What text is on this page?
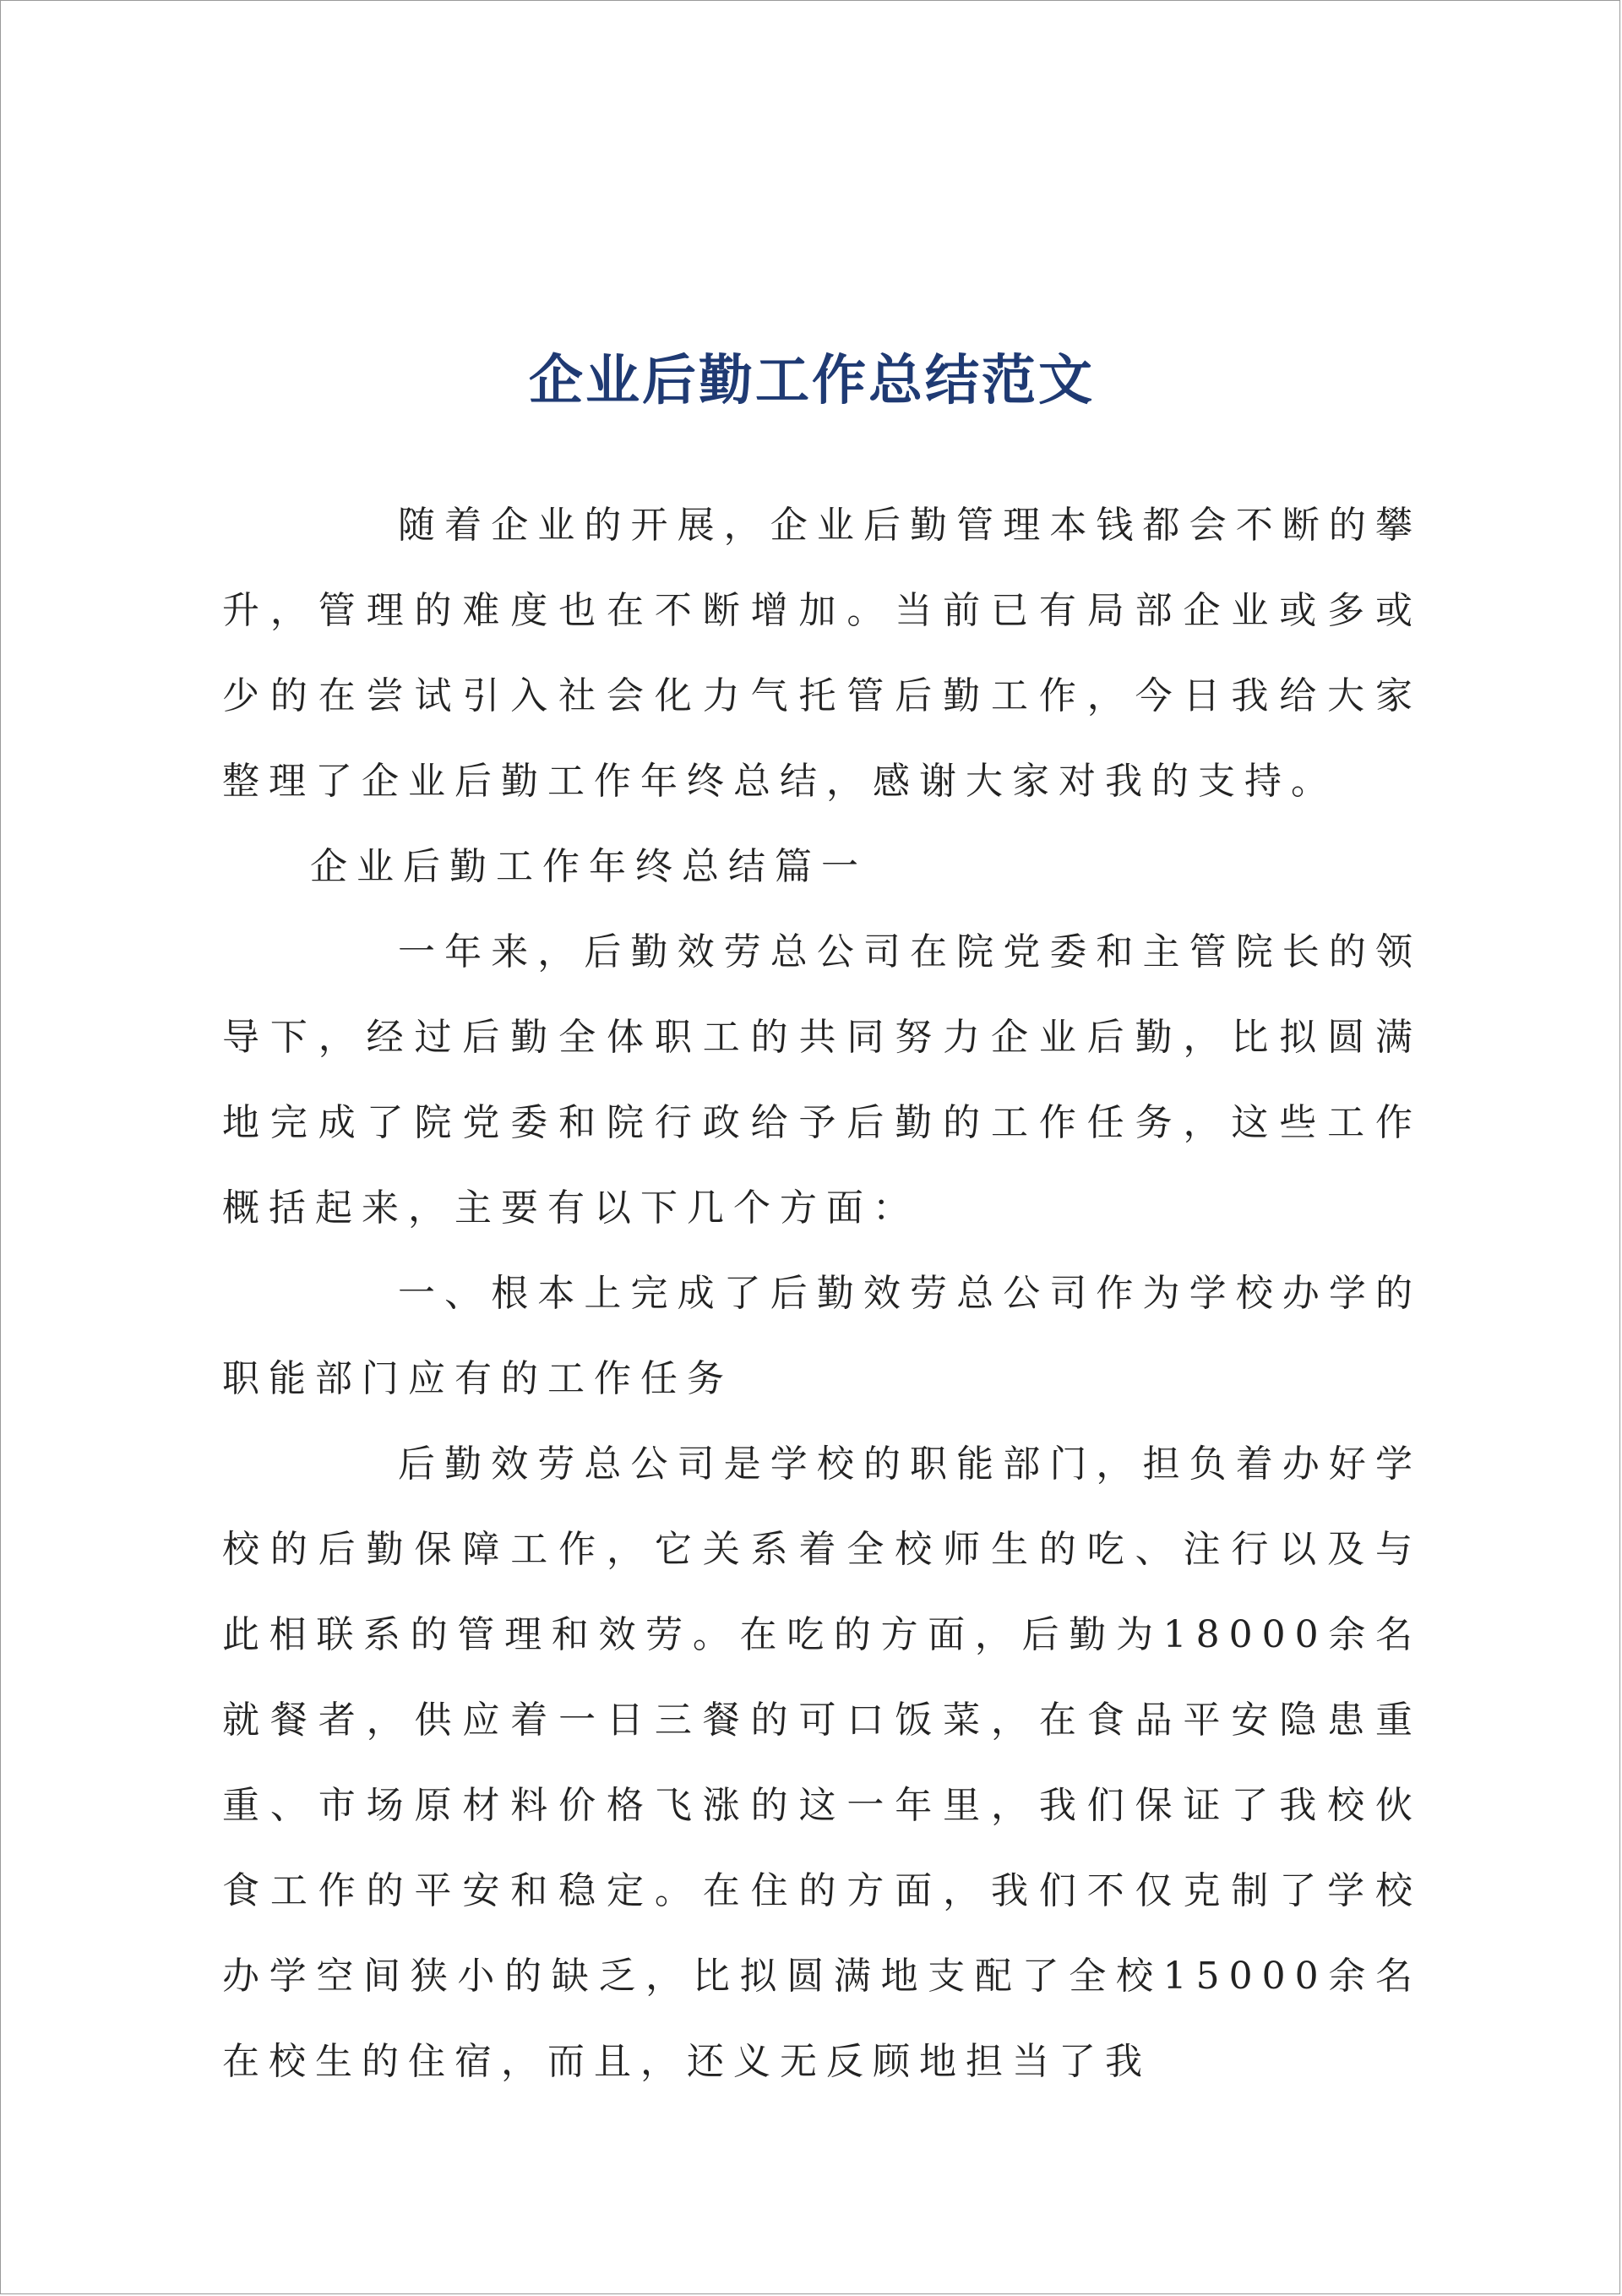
企业后勤工作总结范文

随着企业的开展，企业后勤管理本钱都会不断的攀升，管理的难度也在不断增加。当前已有局部企业或多或少的在尝试引入社会化力气托管后勤工作，今日我给大家整理了企业后勤工作年终总结，感谢大家对我的支持。

企业后勤工作年终总结篇一

一年来，后勤效劳总公司在院党委和主管院长的领导下，经过后勤全体职工的共同努力企业后勤，比拟圆满地完成了院党委和院行政给予后勤的工作任务，这些工作概括起来，主要有以下几个方面：

一、根本上完成了后勤效劳总公司作为学校办学的职能部门应有的工作任务

后勤效劳总公司是学校的职能部门，担负着办好学校的后勤保障工作，它关系着全校师生的吃、注行以及与此相联系的管理和效劳。在吃的方面，后勤为18000余名就餐者，供应着一日三餐的可口饭菜，在食品平安隐患重重、市场原材料价格飞涨的这一年里，我们保证了我校伙食工作的平安和稳定。在住的方面，我们不仅克制了学校办学空间狭小的缺乏，比拟圆满地支配了全校15000余名在校生的住宿，而且，还义无反顾地担当了我
